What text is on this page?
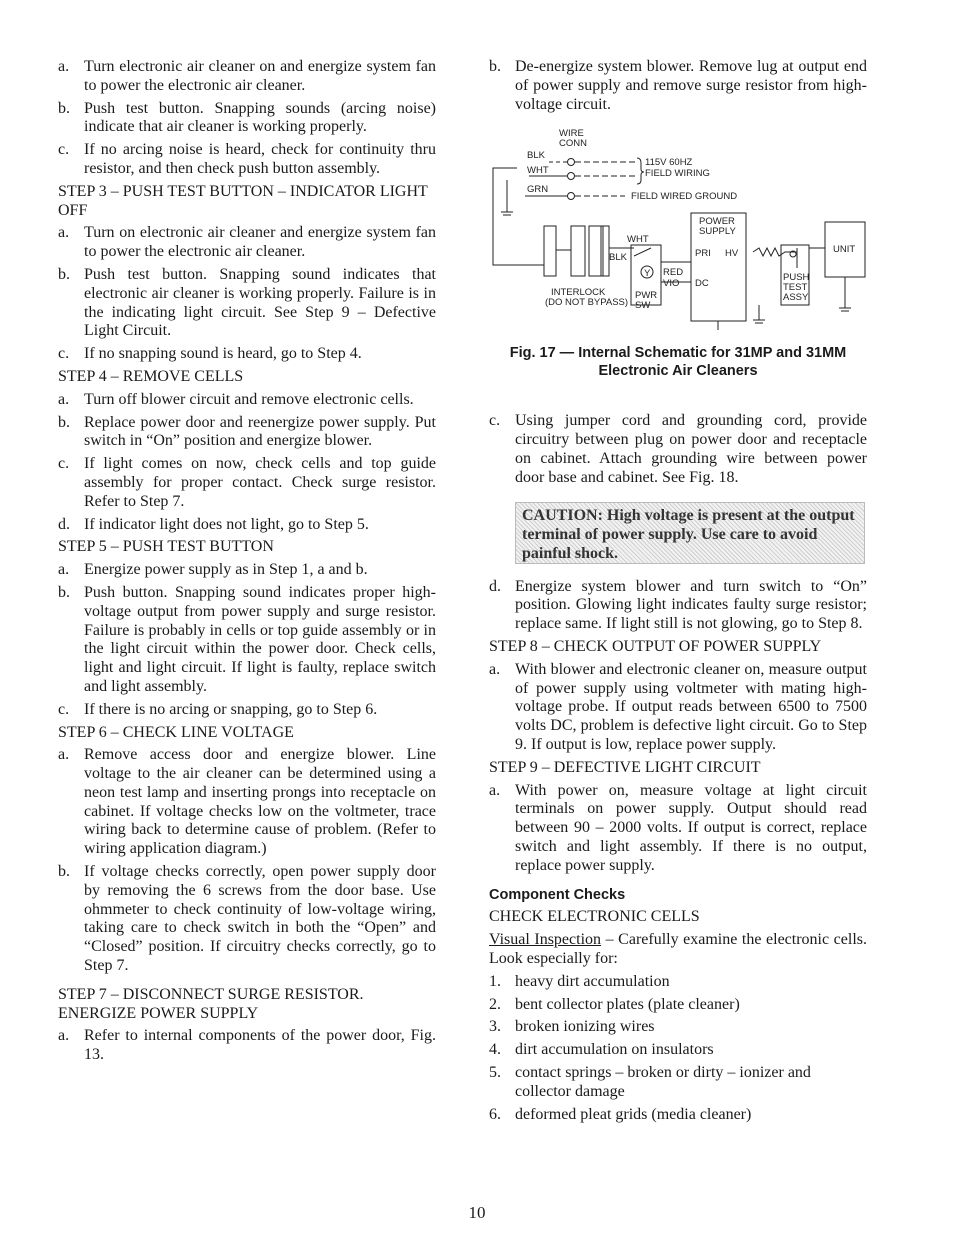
a. Turn electronic air cleaner on and energize system fan to power the electronic air cleaner.
b. Push test button. Snapping sounds (arcing noise) indicate that air cleaner is working properly.
c. If no arcing noise is heard, check for continuity thru resistor, and then check push button assembly.
STEP 3 – PUSH TEST BUTTON – INDICATOR LIGHT OFF
a. Turn on electronic air cleaner and energize system fan to power the electronic air cleaner.
b. Push test button. Snapping sound indicates that electronic air cleaner is working properly. Failure is in the indicating light circuit. See Step 9 – Defective Light Circuit.
c. If no snapping sound is heard, go to Step 4.
STEP 4 – REMOVE CELLS
a. Turn off blower circuit and remove electronic cells.
b. Replace power door and reenergize power supply. Put switch in “On” position and energize blower.
c. If light comes on now, check cells and top guide assembly for proper contact. Check surge resistor. Refer to Step 7.
d. If indicator light does not light, go to Step 5.
STEP 5 – PUSH TEST BUTTON
a. Energize power supply as in Step 1, a and b.
b. Push button. Snapping sound indicates proper high-voltage output from power supply and surge resistor. Failure is probably in cells or top guide assembly or in the light circuit within the power door. Check cells, light and light circuit. If light is faulty, replace switch and light assembly.
c. If there is no arcing or snapping, go to Step 6.
STEP 6 – CHECK LINE VOLTAGE
a. Remove access door and energize blower. Line voltage to the air cleaner can be determined using a neon test lamp and inserting prongs into receptacle on cabinet. If voltage checks low on the voltmeter, trace wiring back to determine cause of problem. (Refer to wiring application diagram.)
b. If voltage checks correctly, open power supply door by removing the 6 screws from the door base. Use ohmmeter to check continuity of low-voltage wiring, taking care to check switch in both the “Open” and “Closed” position. If circuitry checks correctly, go to Step 7.
STEP 7 – DISCONNECT SURGE RESISTOR. ENERGIZE POWER SUPPLY
a. Refer to internal components of the power door, Fig. 13.
b. De-energize system blower. Remove lug at output end of power supply and remove surge resistor from high-voltage circuit.
WIRE
CONN
BLK
WHT
GRN
115V 60HZ
FIELD WIRING
FIELD WIRED GROUND
WHT
BLK
Y RED
VIO
INTERLOCK
(DO NOT BYPASS)
PWR
SW
POWER
SUPPLY
PRI HV
DC
PUSH
TEST
ASSY
UNIT
Fig. 17 — Internal Schematic for 31MP and 31MM
Electronic Air Cleaners
c. Using jumper cord and grounding cord, provide circuitry between plug on power door and receptacle on cabinet. Attach grounding wire between power door base and cabinet. See Fig. 18.
CAUTION: High voltage is present at the output terminal of power supply. Use care to avoid painful shock.
d. Energize system blower and turn switch to “On” position. Glowing light indicates faulty surge resistor; replace same. If light still is not glowing, go to Step 8.
STEP 8 – CHECK OUTPUT OF POWER SUPPLY
a. With blower and electronic cleaner on, measure output of power supply using voltmeter with mating high-voltage probe. If output reads between 6500 to 7500 volts DC, problem is defective light circuit. Go to Step 9. If output is low, replace power supply.
STEP 9 – DEFECTIVE LIGHT CIRCUIT
a. With power on, measure voltage at light circuit terminals on power supply. Output should read between 90 – 2000 volts. If output is correct, replace switch and light assembly. If there is no output, replace power supply.
Component Checks
CHECK ELECTRONIC CELLS
Visual Inspection – Carefully examine the electronic cells. Look especially for:
1. heavy dirt accumulation
2. bent collector plates (plate cleaner)
3. broken ionizing wires
4. dirt accumulation on insulators
5. contact springs – broken or dirty – ionizer and collector damage
6. deformed pleat grids (media cleaner)
10
